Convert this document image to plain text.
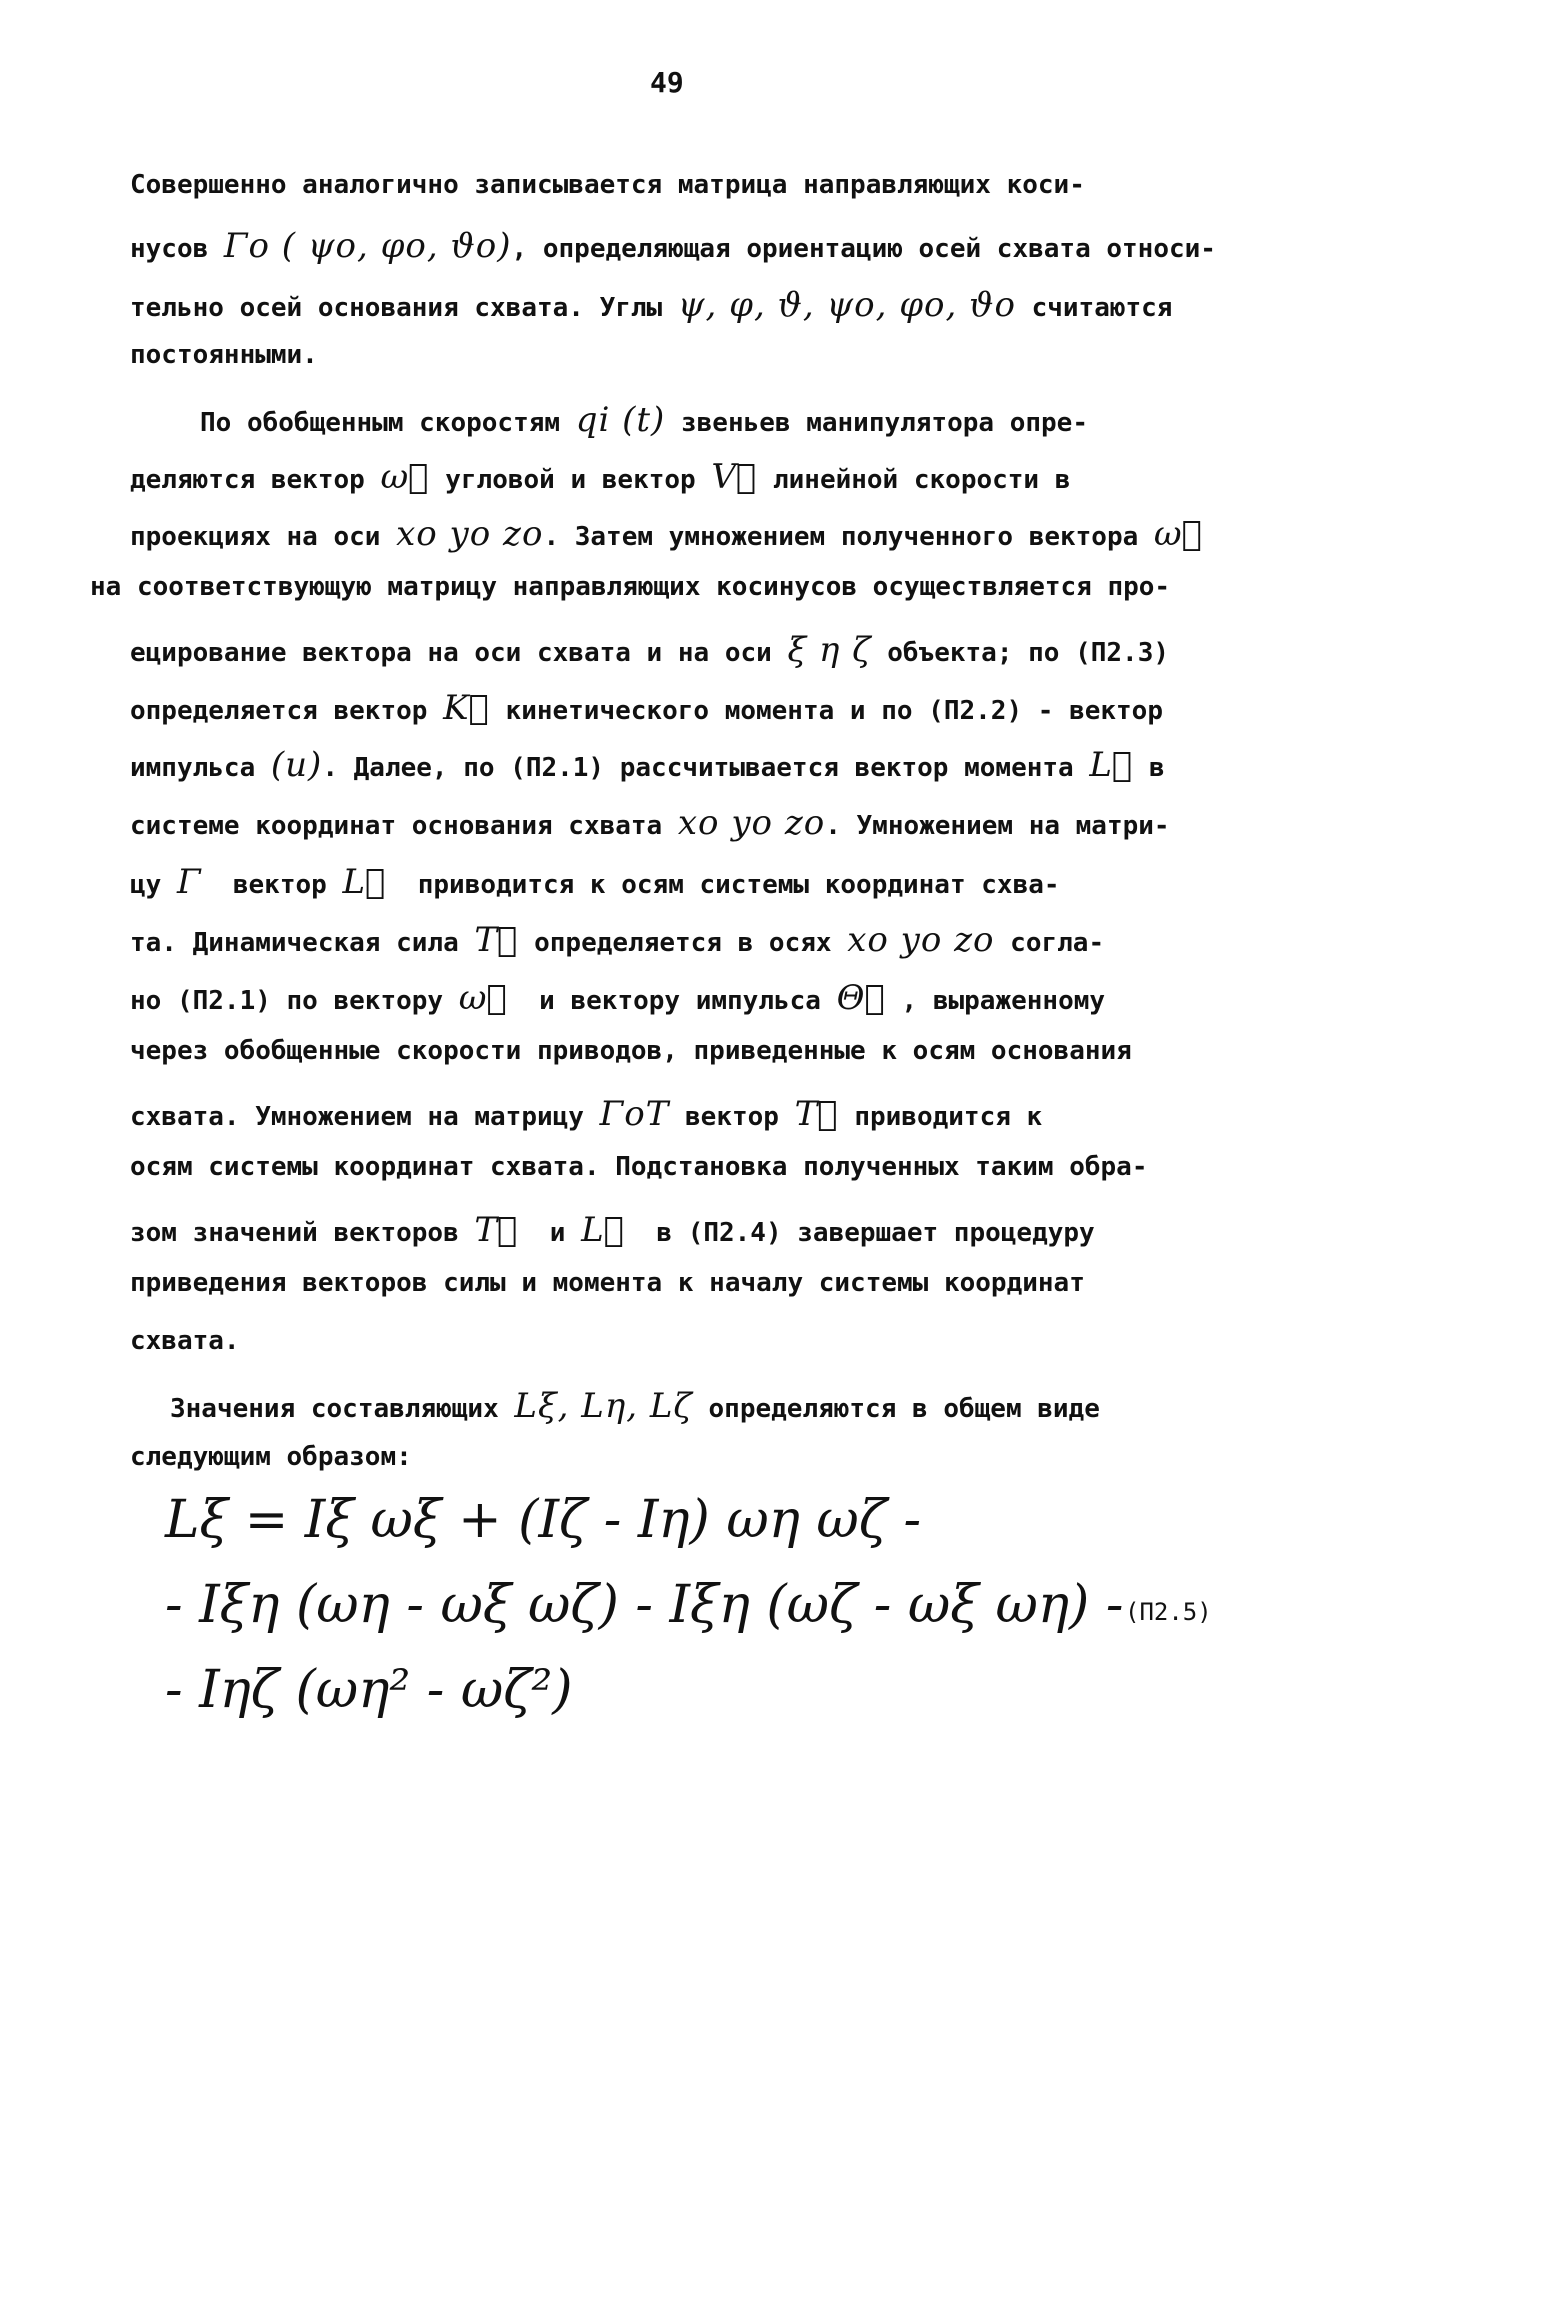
49
Совершенно аналогично записывается матрица направляющих коси-
нусов Γo ( ψo, φo, ϑo), определяющая ориентацию осей схвата относи-
тельно осей основания схвата. Углы ψ, φ, ϑ, ψo, φo, ϑo считаются
постоянными.
По обобщенным скоростям qi (t) звеньев манипулятора опре-
деляются вектор ω⃗ угловой и вектор V⃗ линейной скорости в
проекциях на оси xo yo zo. Затем умножением полученного вектора ω⃗
на соответствующую матрицу направляющих косинусов осуществляется про-
ецирование вектора на оси схвата и на оси ξ η ζ объекта; по (П2.3)
определяется вектор K⃗ кинетического момента и по (П2.2) - вектор
импульса (и). Далее, по (П2.1) рассчитывается вектор момента L⃗ в
системе координат основания схвата xo yo zo. Умножением на матри-
цу Γ  вектор L⃗  приводится к осям системы координат схва-
та. Динамическая сила T⃗ определяется в осях xo yo zo согла-
но (П2.1) по вектору ω⃗  и вектору импульса Θ⃗ , выраженному
через обобщенные скорости приводов, приведенные к осям основания
схвата. Умножением на матрицу ΓoT вектор T⃗ приводится к
осям системы координат схвата. Подстановка полученных таким обра-
зом значений векторов T⃗  и L⃗  в (П2.4) завершает процедуру
приведения векторов силы и момента к началу системы координат
схвата.
Значения составляющих Lξ, Lη, Lζ определяются в общем виде
следующим образом:
Lξ = Iξ ωξ + (Iζ - Iη) ωη ωζ -
- Iξη (ωη - ωξ ωζ) - Iξη (ωζ - ωξ ωη) - (П2.5)
- Iηζ (ωη² - ωζ²)
